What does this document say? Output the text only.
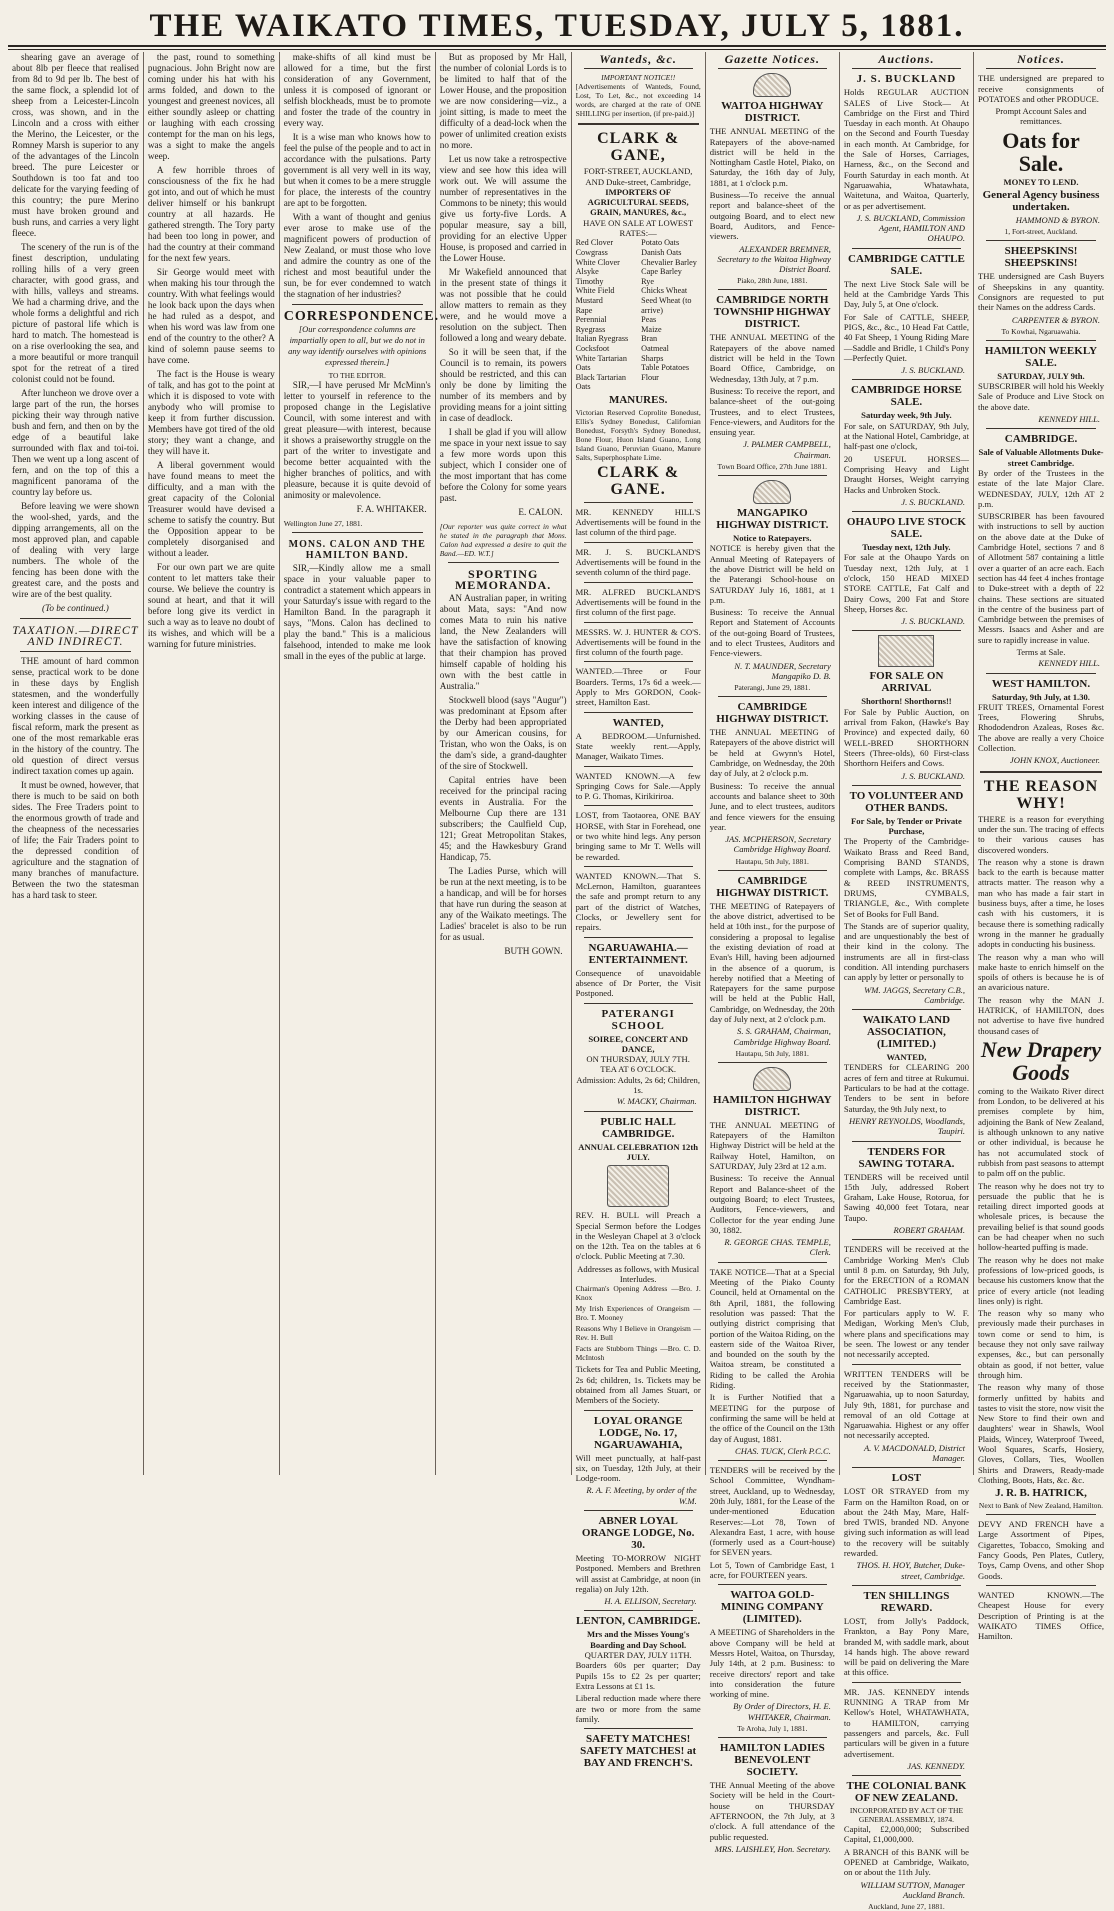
THE WAIKATO TIMES, TUESDAY, JULY 5, 1881.

shearing gave an average of about 8lb per fleece that realised from 8d to 9d per lb. The best of the same flock, a splendid lot of sheep from a Leicester-Lincoln cross, was shown, and in the Lincoln and a cross with either the Merino, the Leicester, or the Romney Marsh is superior to any of the advantages of the Lincoln breed. The pure Leicester or Southdown is too fat and too delicate for the varying feeding of this country; the pure Merino must have broken ground and bush runs, and carries a very light fleece.

The scenery of the run is of the finest description, undulating rolling hills of a very green character, with good grass, and with hills, valleys and streams. We had a charming drive, and the whole forms a delightful and rich picture of pastoral life which is hard to match. The homestead is on a rise overlooking the sea, and a more beautiful or more tranquil spot for the retreat of a tired colonist could not be found.

After luncheon we drove over a large part of the run, the horses picking their way through native bush and fern, and then on by the edge of a beautiful lake surrounded with flax and toi-toi. Then we went up a long ascent of fern, and on the top of this a magnificent panorama of the country lay before us.

Before leaving we were shown the wool-shed, yards, and the dipping arrangements, all on the most approved plan, and capable of dealing with very large numbers. The whole of the fencing has been done with the greatest care, and the posts and wire are of the best quality.

(To be continued.)
TAXATION.—DIRECT AND INDIRECT.

THE amount of hard common sense, practical work to be done in these days by English statesmen, and the wonderfully keen interest and diligence of the working classes in the cause of fiscal reform, mark the present as one of the most remarkable eras in the history of the country. The old question of direct versus indirect taxation comes up again.

It must be owned, however, that there is much to be said on both sides. The Free Traders point to the enormous growth of trade and the cheapness of the necessaries of life; the Fair Traders point to the depressed condition of agriculture and the stagnation of many branches of manufacture. Between the two the statesman has a hard task to steer.

the past, round to something pugnacious. John Bright now are coming under his hat with his arms folded, and down to the youngest and greenest novices, all either soundly asleep or chatting or laughing with each crossing contempt for the man on his legs, was a sight to make the angels weep.

A few horrible throes of consciousness of the fix he had got into, and out of which he must deliver himself or his bankrupt country at all hazards. He gathered strength. The Tory party had been too long in power, and had the country at their command for the next few years.

Sir George would meet with when making his tour through the country. With what feelings would he look back upon the days when he had ruled as a despot, and when his word was law from one end of the country to the other? A kind of solemn pause seems to have come.

The fact is the House is weary of talk, and has got to the point at which it is disposed to vote with anybody who will promise to keep it from further discussion. Members have got tired of the old story; they want a change, and they will have it.

A liberal government would have found means to meet the difficulty, and a man with the great capacity of the Colonial Treasurer would have devised a scheme to satisfy the country. But the Opposition appear to be completely disorganised and without a leader.

For our own part we are quite content to let matters take their course. We believe the country is sound at heart, and that it will before long give its verdict in such a way as to leave no doubt of its wishes, and which will be a warning for future ministries.

make-shifts of all kind must be allowed for a time, but the first consideration of any Government, unless it is composed of ignorant or selfish blockheads, must be to promote and foster the trade of the country in every way.

It is a wise man who knows how to feel the pulse of the people and to act in accordance with the pulsations. Party government is all very well in its way, but when it comes to be a mere struggle for place, the interests of the country are apt to be forgotten.

With a want of thought and genius ever arose to make use of the magnificent powers of production of New Zealand, or must those who love and admire the country as one of the richest and most beautiful under the sun, be for ever condemned to watch the stagnation of her industries?

CORRESPONDENCE.
[Our correspondence columns are impartially open to all, but we do not in any way identify ourselves with opinions expressed therein.]
TO THE EDITOR.

SIR,—I have perused Mr McMinn's letter to yourself in reference to the proposed change in the Legislative Council, with some interest and with great pleasure—with interest, because it shows a praiseworthy struggle on the part of the writer to investigate and become better acquainted with the higher branches of politics, and with pleasure, because it is quite devoid of animosity or malevolence.

F. A. WHITAKER.
Wellington June 27, 1881.
MONS. CALON AND THE HAMILTON BAND.

SIR,—Kindly allow me a small space in your valuable paper to contradict a statement which appears in your Saturday's issue with regard to the Hamilton Band. In the paragraph it says, "Mons. Calon has declined to play the band." This is a malicious falsehood, intended to make me look small in the eyes of the public at large.

But as proposed by Mr Hall, the number of colonial Lords is to be limited to half that of the Lower House, and the proposition we are now considering—viz., a joint sitting, is made to meet the difficulty of a dead-lock when the power of unlimited creation exists no more.

Let us now take a retrospective view and see how this idea will work out. We will assume the number of representatives in the Commons to be ninety; this would give us forty-five Lords. A popular measure, say a bill, providing for an elective Upper House, is proposed and carried in the Lower House.

Mr Wakefield announced that in the present state of things it was not possible that he could allow matters to remain as they were, and he would move a resolution on the subject. Then followed a long and weary debate.

So it will be seen that, if the Council is to remain, its powers should be restricted, and this can only be done by limiting the number of its members and by providing means for a joint sitting in case of deadlock.

I shall be glad if you will allow me space in your next issue to say a few more words upon this subject, which I consider one of the most important that has come before the Colony for some years past.

E. CALON.
[Our reporter was quite correct in what he stated in the paragraph that Mons. Calon had expressed a desire to quit the Band.—ED. W.T.]
SPORTING MEMORANDA.

AN Australian paper, in writing about Mata, says: "And now comes Mata to ruin his native land, the New Zealanders will have the satisfaction of knowing that their champion has proved himself capable of holding his own with the best cattle in Australia."

Stockwell blood (says "Augur") was predominant at Epsom after the Derby had been appropriated by our American cousins, for Tristan, who won the Oaks, is on the dam's side, a grand-daughter of the sire of Stockwell.

Capital entries have been received for the principal racing events in Australia. For the Melbourne Cup there are 131 subscribers; the Caulfield Cup, 121; Great Metropolitan Stakes, 45; and the Hawkesbury Grand Handicap, 75.

The Ladies Purse, which will be run at the next meeting, is to be a handicap, and will be for horses that have run during the season at any of the Waikato meetings. The Ladies' bracelet is also to be run for as usual.

BUTH GOWN.
Wanteds, &c.
IMPORTANT NOTICE!!
[Advertisements of Wanteds, Found, Lost, To Let, &c., not exceeding 14 words, are charged at the rate of ONE SHILLING per insertion, (if pre-paid.)]
CLARK & GANE,
FORT-STREET, AUCKLAND, AND Duke-street, Cambridge,
IMPORTERS OF AGRICULTURAL SEEDS, GRAIN, MANURES, &c.,
HAVE ON SALE AT LOWEST RATES:—
Red Clover
Cowgrass
White Clover
Alsyke
Timothy
White Field Mustard
Rape
Perennial Ryegrass
Italian Ryegrass
Cocksfoot
White Tartarian Oats
Black Tartarian Oats
Potato Oats
Danish Oats
Chevalier Barley
Cape Barley
Rye
Chicks Wheat
Seed Wheat (to arrive)
Peas
Maize
Bran
Oatmeal
Sharps
Table Potatoes
Flour
MANURES.
Victorian Reserved Coprolite Bonedust, Ellis's Sydney Bonedust, Californian Bonedust, Forsyth's Sydney Bonedust, Bone Flour, Huon Island Guano, Long Island Guano, Peruvian Guano, Manure Salts, Superphosphate Lime.
CLARK & GANE.
MR. KENNEDY HILL'S Advertisements will be found in the last column of the third page.
MR. J. S. BUCKLAND'S Advertisements will be found in the seventh column of the third page.
MR. ALFRED BUCKLAND'S Advertisements will be found in the first column of the first page.
MESSRS. W. J. HUNTER & CO'S. Advertisements will be found in the first column of the fourth page.
WANTED.—Three or Four Boarders. Terms, 17s 6d a week.—Apply to Mrs GORDON, Cook-street, Hamilton East.
WANTED,
A BEDROOM.—Unfurnished. State weekly rent.—Apply, Manager, Waikato Times.
WANTED KNOWN.—A few Springing Cows for Sale.—Apply to P. G. Thomas, Kirikiriroa.
LOST, from Taotaorea, ONE BAY HORSE, with Star in Forehead, one or two white hind legs. Any person bringing same to Mr T. Wells will be rewarded.
WANTED KNOWN.—That S. McLernon, Hamilton, guarantees the safe and prompt return to any part of the district of Watches, Clocks, or Jewellery sent for repairs.
NGARUAWAHIA.—ENTERTAINMENT.
Consequence of unavoidable absence of Dr Porter, the Visit Postponed.
PATERANGI SCHOOL
SOIREE, CONCERT AND DANCE,
ON THURSDAY, JULY 7TH.
TEA AT 6 O'CLOCK.
Admission: Adults, 2s 6d; Children, 1s.
W. MACKY, Chairman.
PUBLIC HALL CAMBRIDGE.
ANNUAL CELEBRATION 12th JULY.
REV. H. BULL will Preach a Special Sermon before the Lodges in the Wesleyan Chapel at 3 o'clock on the 12th. Tea on the tables at 6 o'clock. Public Meeting at 7.30.
Addresses as follows, with Musical Interludes.
Chairman's Opening Address —Bro. J. Knox
My Irish Experiences of Orangeism —Bro. T. Mooney
Reasons Why I Believe in Orangeism —Rev. H. Bull
Facts are Stubborn Things —Bro. C. D. McIntosh
Tickets for Tea and Public Meeting, 2s 6d; children, 1s. Tickets may be obtained from all James Stuart, or Members of the Society.
LOYAL ORANGE LODGE, No. 17, NGARUAWAHIA,
Will meet punctually, at half-past six, on Tuesday, 12th July, at their Lodge-room.
R. A. F. Meeting, by order of the W.M.
ABNER LOYAL ORANGE LODGE, No. 30.
Meeting TO-MORROW NIGHT Postponed. Members and Brethren will assist at Cambridge, at noon (in regalia) on July 12th.
H. A. ELLISON, Secretary.
LENTON, CAMBRIDGE.
Mrs and the Misses Young's Boarding and Day School.
QUARTER DAY, JULY 11TH.
Boarders 60s per quarter; Day Pupils 15s to £2 2s per quarter; Extra Lessons at £1 1s.
Liberal reduction made where there are two or more from the same family.
SAFETY MATCHES! SAFETY MATCHES! at BAY AND FRENCH'S.
Gazette Notices.
WAITOA HIGHWAY DISTRICT.
THE ANNUAL MEETING of the Ratepayers of the above-named district will be held in the Nottingham Castle Hotel, Piako, on Saturday, the 16th day of July, 1881, at 1 o'clock p.m.
Business—To receive the annual report and balance-sheet of the outgoing Board, and to elect new Board, Auditors, and Fence-viewers.
ALEXANDER BREMNER, Secretary to the Waitoa Highway District Board.
Piako, 28th June, 1881.
CAMBRIDGE NORTH TOWNSHIP HIGHWAY DISTRICT.
THE ANNUAL MEETING of the Ratepayers of the above named district will be held in the Town Board Office, Cambridge, on Wednesday, 13th July, at 7 p.m.
Business: To receive the report, and balance-sheet of the out-going Trustees, and to elect Trustees, Fence-viewers, and Auditors for the ensuing year.
J. PALMER CAMPBELL, Chairman.
Town Board Office, 27th June 1881.
MANGAPIKO HIGHWAY DISTRICT.
Notice to Ratepayers.
NOTICE is hereby given that the Annual Meeting of Ratepayers of the above District will be held on the Paterangi School-house on SATURDAY July 16, 1881, at 1 p.m.
Business: To receive the Annual Report and Statement of Accounts of the out-going Board of Trustees, and to elect Trustees, Auditors and Fence-viewers.
N. T. MAUNDER, Secretary Mangapiko D. B.
Paterangi, June 29, 1881.
CAMBRIDGE HIGHWAY DISTRICT.
THE ANNUAL MEETING of Ratepayers of the above district will be held at Gwynn's Hotel, Cambridge, on Wednesday, the 20th day of July, at 2 o'clock p.m.
Business: To receive the annual accounts and balance sheet to 30th June, and to elect trustees, auditors and fence viewers for the ensuing year.
JAS. MCPHERSON, Secretary Cambridge Highway Board.
Hautapu, 5th July, 1881.
CAMBRIDGE HIGHWAY DISTRICT.
THE MEETING of Ratepayers of the above district, advertised to be held at 10th inst., for the purpose of considering a proposal to legalise the existing deviation of road at Evan's Hill, having been adjourned in the absence of a quorum, is hereby notified that a Meeting of Ratepayers for the same purpose will be held at the Public Hall, Cambridge, on Wednesday, the 20th day of July next, at 2 o'clock p.m.
S. S. GRAHAM, Chairman, Cambridge Highway Board.
Hautapu, 5th July, 1881.
HAMILTON HIGHWAY DISTRICT.
THE ANNUAL MEETING of Ratepayers of the Hamilton Highway District will be held at the Railway Hotel, Hamilton, on SATURDAY, July 23rd at 12 a.m.
Business: To receive the Annual Report and Balance-sheet of the outgoing Board; to elect Trustees, Auditors, Fence-viewers, and Collector for the year ending June 30, 1882.
R. GEORGE CHAS. TEMPLE, Clerk.
TAKE NOTICE—That at a Special Meeting of the Piako County Council, held at Ornamental on the 8th April, 1881, the following resolution was passed: That the outlying district comprising that portion of the Waitoa Riding, on the eastern side of the Waitoa River, and bounded on the south by the Waitoa stream, be constituted a Riding to be called the Arohia Riding.
It is Further Notified that a MEETING for the purpose of confirming the same will be held at the office of the Council on the 13th day of August, 1881.
CHAS. TUCK, Clerk P.C.C.
TENDERS will be received by the School Committee, Wyndham-street, Auckland, up to Wednesday, 20th July, 1881, for the Lease of the under-mentioned Education Reserves:—Lot 78, Town of Alexandra East, 1 acre, with house (formerly used as a Court-house) for SEVEN years.
Lot 5, Town of Cambridge East, 1 acre, for FOURTEEN years.
WAITOA GOLD-MINING COMPANY (LIMITED).
A MEETING of Shareholders in the above Company will be held at Messrs Hotel, Waitoa, on Thursday, July 14th, at 2 p.m. Business: to receive directors' report and take into consideration the future working of mine.
By Order of Directors, H. E. WHITAKER, Chairman.
Te Aroha, July 1, 1881.
HAMILTON LADIES BENEVOLENT SOCIETY.
THE Annual Meeting of the above Society will be held in the Court-house on THURSDAY AFTERNOON, the 7th July, at 3 o'clock. A full attendance of the public requested.
MRS. LAISHLEY, Hon. Secretary.
Auctions.
J. S. BUCKLAND
Holds REGULAR AUCTION SALES of Live Stock— At Cambridge on the First and Third Tuesday in each month. At Ohaupo on the Second and Fourth Tuesday in each month. At Cambridge, for the Sale of Horses, Carriages, Harness, &c., on the Second and Fourth Saturday in each month. At Ngaruawahia, Whatawhata, Waitetuna, and Waitoa, Quarterly, or as per advertisement.
J. S. BUCKLAND, Commission Agent, HAMILTON AND OHAUPO.
CAMBRIDGE CATTLE SALE.
The next Live Stock Sale will be held at the Cambridge Yards This Day, July 5, at One o'clock.
For Sale of CATTLE, SHEEP, PIGS, &c., &c., 10 Head Fat Cattle, 40 Fat Sheep, 1 Young Riding Mare—Saddle and Bridle, 1 Child's Pony—Perfectly Quiet.
J. S. BUCKLAND.
CAMBRIDGE HORSE SALE.
Saturday week, 9th July.
For sale, on SATURDAY, 9th July, at the National Hotel, Cambridge, at half-past one o'clock,
20 USEFUL HORSES— Comprising Heavy and Light Draught Horses, Weight carrying Hacks and Unbroken Stock.
J. S. BUCKLAND.
OHAUPO LIVE STOCK SALE.
Tuesday next, 12th July.
For sale at the Ohaupo Yards on Tuesday next, 12th July, at 1 o'clock, 150 HEAD MIXED STORE CATTLE, Fat Calf and Dairy Cows, 200 Fat and Store Sheep, Horses &c.
J. S. BUCKLAND.
FOR SALE ON ARRIVAL
Shorthorn! Shorthorns!!
For Sale by Public Auction, on arrival from Fakon, (Hawke's Bay Province) and expected daily, 60 WELL-BRED SHORTHORN Steers (Three-olds), 60 First-class Shorthorn Heifers and Cows.
J. S. BUCKLAND.
TO VOLUNTEER AND OTHER BANDS.
For Sale, by Tender or Private Purchase,
The Property of the Cambridge-Waikato Brass and Reed Band, Comprising BAND STANDS, complete with Lamps, &c. BRASS & REED INSTRUMENTS, DRUMS, CYMBALS, TRIANGLE, &c., With complete Set of Books for Full Band.
The Stands are of superior quality, and are unquestionably the best of their kind in the colony. The instruments are all in first-class condition. All intending purchasers can apply by letter or personally to
WM. JAGGS, Secretary C.B., Cambridge.
WAIKATO LAND ASSOCIATION, (LIMITED.)
WANTED,
TENDERS for CLEARING 200 acres of fern and titree at Rukumui. Particulars to be had at the cottage. Tenders to be sent in before Saturday, the 9th July next, to
HENRY REYNOLDS, Woodlands, Taupiri.
TENDERS FOR SAWING TOTARA.
TENDERS will be received until 15th July, addressed Robert Graham, Lake House, Rotorua, for Sawing 40,000 feet Totara, near Taupo.
ROBERT GRAHAM.
TENDERS will be received at the Cambridge Working Men's Club until 8 p.m. on Saturday, 9th July, for the ERECTION of a ROMAN CATHOLIC PRESBYTERY, at Cambridge East.
For particulars apply to W. F. Medigan, Working Men's Club, where plans and specifications may be seen. The lowest or any tender not necessarily accepted.
WRITTEN TENDERS will be received by the Stationmaster, Ngaruawahia, up to noon Saturday, July 9th, 1881, for purchase and removal of an old Cottage at Ngaruawahia. Highest or any offer not necessarily accepted.
A. V. MACDONALD, District Manager.
LOST
LOST OR STRAYED from my Farm on the Hamilton Road, on or about the 24th May, Mare, Half-bred TWIS, branded ND. Anyone giving such information as will lead to the recovery will be suitably rewarded.
THOS. H. HOY, Butcher, Duke-street, Cambridge.
TEN SHILLINGS REWARD.
LOST, from Jolly's Paddock, Frankton, a Bay Pony Mare, branded M, with saddle mark, about 14 hands high. The above reward will be paid on delivering the Mare at this office.
MR. JAS. KENNEDY intends RUNNING A TRAP from Mr Kellow's Hotel, WHATAWHATA, to HAMILTON, carrying passengers and parcels, &c. Full particulars will be given in a future advertisement.
JAS. KENNEDY.
THE COLONIAL BANK OF NEW ZEALAND.
INCORPORATED BY ACT OF THE GENERAL ASSEMBLY, 1874.
Capital, £2,000,000; Subscribed Capital, £1,000,000.
A BRANCH of this BANK will be OPENED at Cambridge, Waikato, on or about the 11th July.
WILLIAM SUTTON, Manager Auckland Branch.
Auckland, June 27, 1881.
Notices.
THE undersigned are prepared to receive consignments of POTATOES and other PRODUCE.
Prompt Account Sales and remittances.
Oats for Sale.
MONEY TO LEND.
General Agency business undertaken.
HAMMOND & BYRON.
1, Fort-street, Auckland.
SHEEPSKINS! SHEEPSKINS!
THE undersigned are Cash Buyers of Sheepskins in any quantity. Consignors are requested to put their Names on the address Cards.
CARPENTER & BYRON.
To Kowhai, Ngaruawahia.
HAMILTON WEEKLY SALE.
SATURDAY, JULY 9th.
SUBSCRIBER will hold his Weekly Sale of Produce and Live Stock on the above date.
KENNEDY HILL.
CAMBRIDGE.
Sale of Valuable Allotments Duke-street Cambridge.
By order of the Trustees in the estate of the late Major Clare. WEDNESDAY, JULY, 12th AT 2 p.m.
SUBSCRIBER has been favoured with instructions to sell by auction on the above date at the Duke of Cambridge Hotel, sections 7 and 8 of Allotment 587 containing a little over a quarter of an acre each. Each section has 44 feet 4 inches frontage to Duke-street with a depth of 22 chains. These sections are situated in the centre of the business part of Cambridge between the premises of Messrs. Isaacs and Asher and are sure to rapidly increase in value.
Terms at Sale.
KENNEDY HILL.
WEST HAMILTON.
Saturday, 9th July, at 1.30.
FRUIT TREES, Ornamental Forest Trees, Flowering Shrubs, Rhododendron Azaleas, Roses &c. The above are really a very Choice Collection.
JOHN KNOX, Auctioneer.
THE REASON WHY!
THERE is a reason for everything under the sun. The tracing of effects to their various causes has discovered wonders.
The reason why a stone is drawn back to the earth is because matter attracts matter. The reason why a man who has made a fair start in business buys, after a time, he loses cash with his customers, it is because there is something radically wrong in the manner he gradually adopts in conducting his business.
The reason why a man who will make haste to enrich himself on the spoils of others is because he is of an avaricious nature.
The reason why the MAN J. HATRICK, of HAMILTON, does not advertise to have five hundred thousand cases of
New Drapery Goods
coming to the Waikato River direct from London, to be delivered at his premises complete by him, adjoining the Bank of New Zealand, is although unknown to any native or other individual, is because he has not accumulated stock of rubbish from past seasons to attempt to palm off on the public.
The reason why he does not try to persuade the public that he is retailing direct imported goods at wholesale prices, is because the prevailing belief is that sound goods can be had cheaper when no such hollow-hearted puffing is made.
The reason why he does not make professions of low-priced goods, is because his customers know that the price of every article (not leading lines only) is right.
The reason why so many who previously made their purchases in town come or send to him, is because they not only save railway expenses, &c., but can personally obtain as good, if not better, value through him.
The reason why many of those formerly unfitted by habits and tastes to visit the store, now visit the New Store to find their own and daughters' wear in Shawls, Wool Plaids, Wincey, Waterproof Tweed, Wool Squares, Scarfs, Hosiery, Gloves, Collars, Ties, Woollen Shirts and Drawers, Ready-made Clothing, Boots, Hats, &c. &c.
J. R. B. HATRICK,
Next to Bank of New Zealand, Hamilton.
DEVY AND FRENCH have a Large Assortment of Pipes, Cigarettes, Tobacco, Smoking and Fancy Goods, Pen Plates, Cutlery, Toys, Camp Ovens, and other Shop Goods.
WANTED KNOWN.—The Cheapest House for every Description of Printing is at the WAIKATO TIMES Office, Hamilton.
